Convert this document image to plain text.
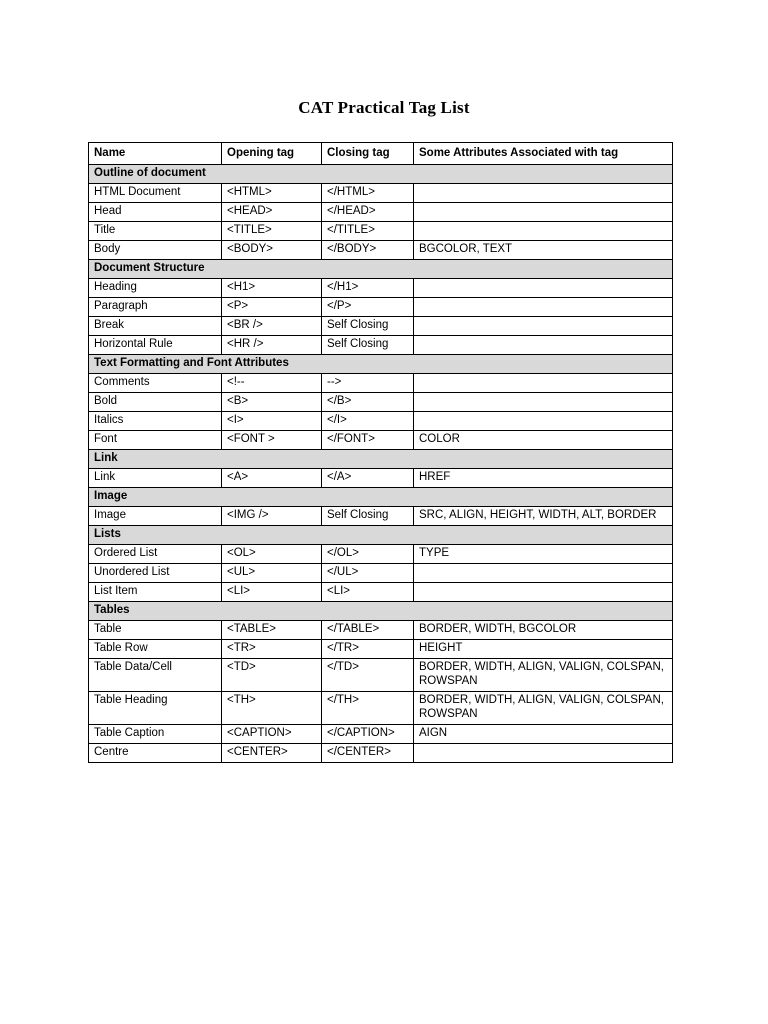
CAT Practical Tag List
Name	Opening tag	Closing tag	Some Attributes Associated with tag
Outline of document			
HTML Document	<HTML>	</HTML>	
Head	<HEAD>	</HEAD>	
Title	<TITLE>	</TITLE>	
Body	<BODY>	</BODY>	BGCOLOR, TEXT
Document Structure			
Heading	<H1>	</H1>	
Paragraph	<P>	</P>	
Break	<BR />	Self Closing	
Horizontal Rule	<HR />	Self Closing	
Text Formatting and Font Attributes			
Comments	<!--	-->	
Bold	<B>	</B>	
Italics	<I>	</I>	
Font	<FONT >	</FONT>	COLOR
Link			
Link	<A>	</A>	HREF
Image			
Image	<IMG />	Self Closing	SRC, ALIGN, HEIGHT, WIDTH, ALT, BORDER
Lists			
Ordered List	<OL>	</OL>	TYPE
Unordered List	<UL>	</UL>	
List Item	<LI>	<LI>	
Tables			
Table	<TABLE>	</TABLE>	BORDER, WIDTH, BGCOLOR
Table Row	<TR>	</TR>	HEIGHT
Table Data/Cell	<TD>	</TD>	BORDER, WIDTH, ALIGN, VALIGN, COLSPAN, ROWSPAN
Table Heading	<TH>	</TH>	BORDER, WIDTH, ALIGN, VALIGN, COLSPAN, ROWSPAN
Table Caption	<CAPTION>	</CAPTION>	AIGN
Centre	<CENTER>	</CENTER>	
